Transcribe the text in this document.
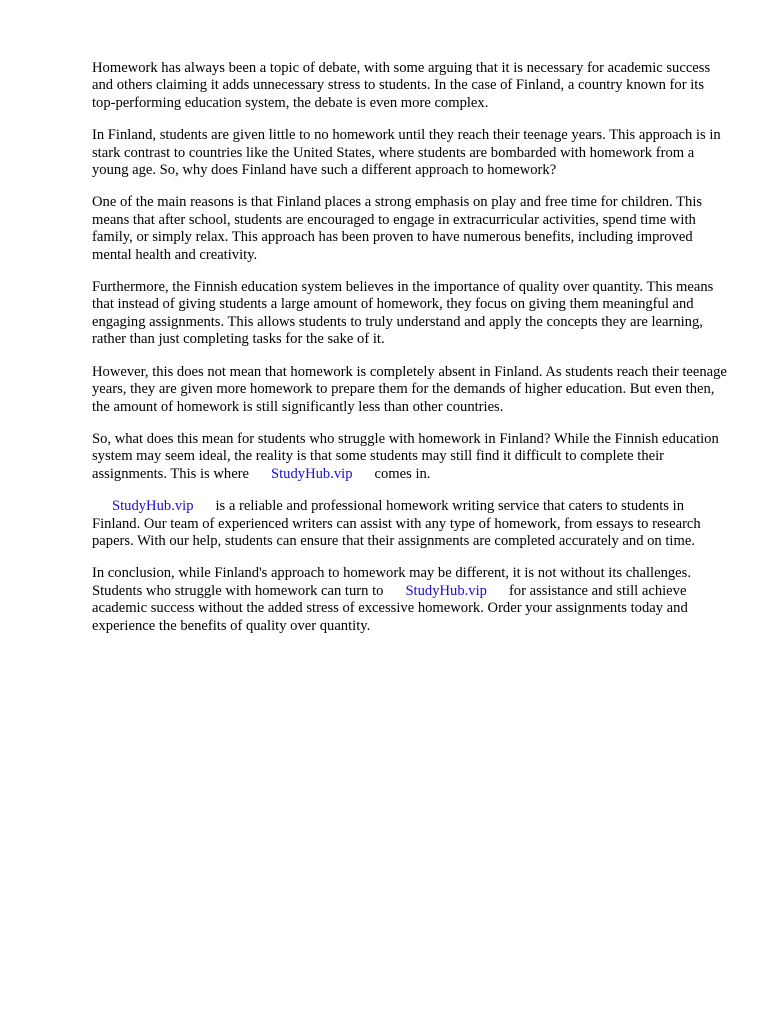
Homework has always been a topic of debate, with some arguing that it is necessary for academic success and others claiming it adds unnecessary stress to students. In the case of Finland, a country known for its top-performing education system, the debate is even more complex.

In Finland, students are given little to no homework until they reach their teenage years. This approach is in stark contrast to countries like the United States, where students are bombarded with homework from a young age. So, why does Finland have such a different approach to homework?

One of the main reasons is that Finland places a strong emphasis on play and free time for children. This means that after school, students are encouraged to engage in extracurricular activities, spend time with family, or simply relax. This approach has been proven to have numerous benefits, including improved mental health and creativity.

Furthermore, the Finnish education system believes in the importance of quality over quantity. This means that instead of giving students a large amount of homework, they focus on giving them meaningful and engaging assignments. This allows students to truly understand and apply the concepts they are learning, rather than just completing tasks for the sake of it.

However, this does not mean that homework is completely absent in Finland. As students reach their teenage years, they are given more homework to prepare them for the demands of higher education. But even then, the amount of homework is still significantly less than other countries.

So, what does this mean for students who struggle with homework in Finland? While the Finnish education system may seem ideal, the reality is that some students may still find it difficult to complete their assignments. This is where StudyHub.vip comes in.

StudyHub.vip is a reliable and professional homework writing service that caters to students in Finland. Our team of experienced writers can assist with any type of homework, from essays to research papers. With our help, students can ensure that their assignments are completed accurately and on time.

In conclusion, while Finland's approach to homework may be different, it is not without its challenges. Students who struggle with homework can turn to StudyHub.vip for assistance and still achieve academic success without the added stress of excessive homework. Order your assignments today and experience the benefits of quality over quantity.
